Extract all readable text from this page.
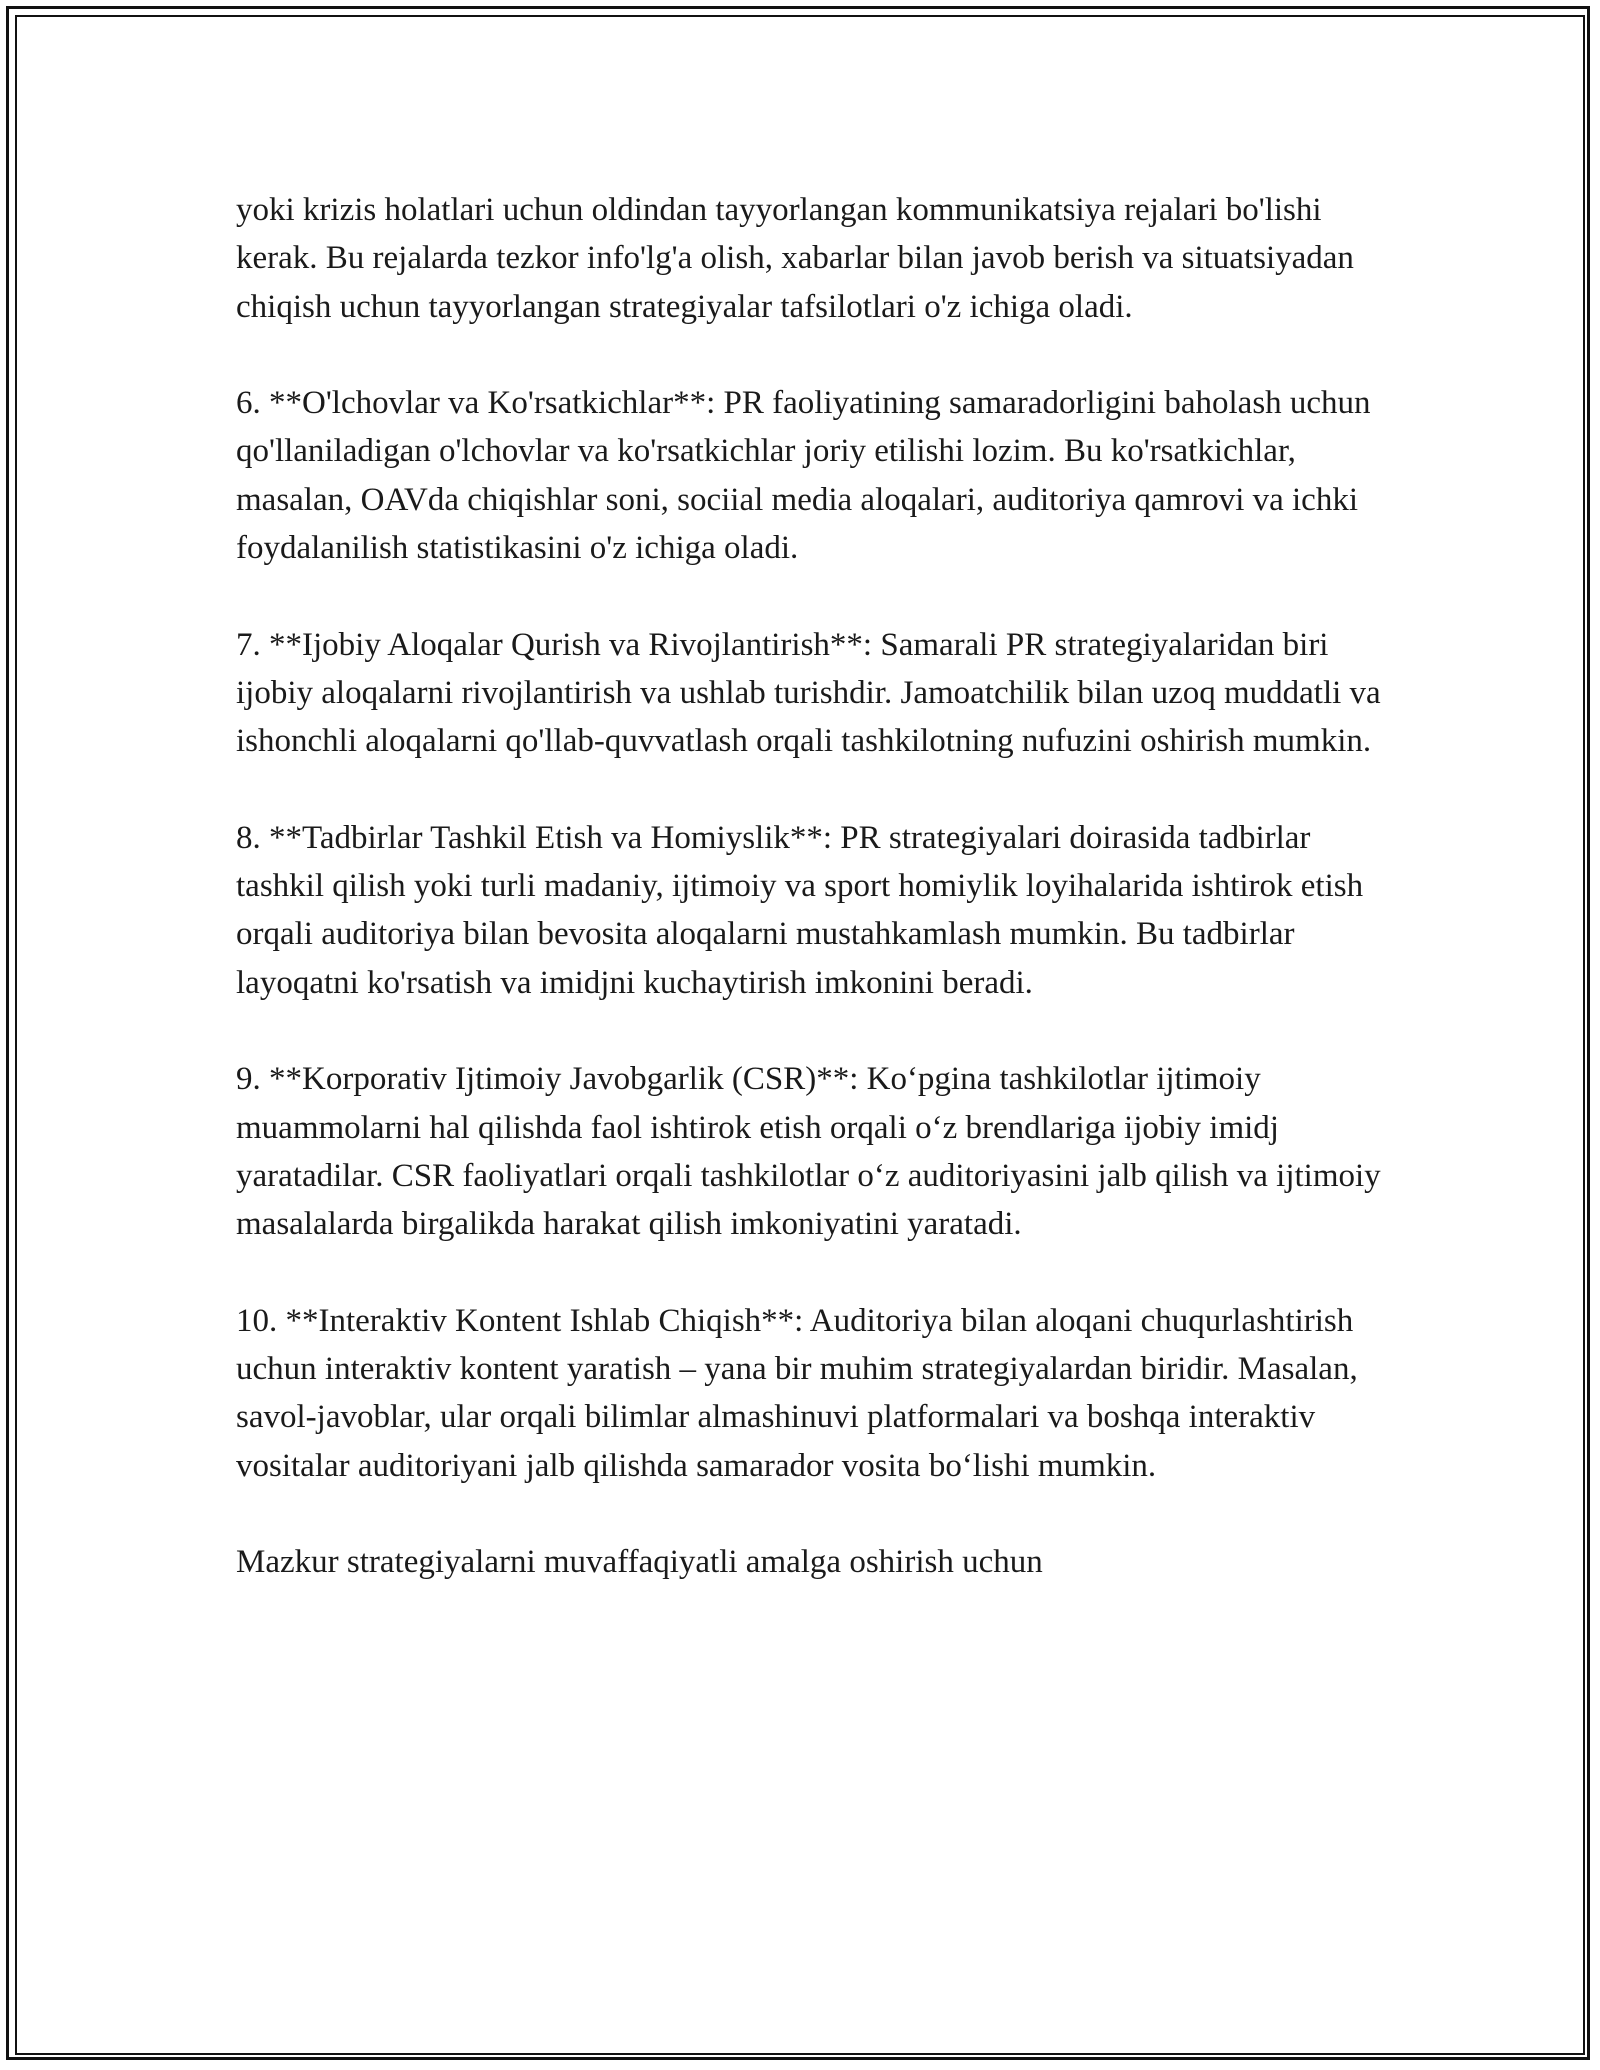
yoki krizis holatlari uchun oldindan tayyorlangan kommunikatsiya rejalari bo'lishi kerak. Bu rejalarda tezkor info'lg'a olish, xabarlar bilan javob berish va situatsiyadan chiqish uchun tayyorlangan strategiyalar tafsilotlari o'z ichiga oladi.

6. **O'lchovlar va Ko'rsatkichlar**: PR faoliyatining samaradorligini baholash uchun qo'llaniladigan o'lchovlar va ko'rsatkichlar joriy etilishi lozim. Bu ko'rsatkichlar, masalan, OAVda chiqishlar soni, sociial media aloqalari, auditoriya qamrovi va ichki foydalanilish statistikasini o'z ichiga oladi.

7. **Ijobiy Aloqalar Qurish va Rivojlantirish**: Samarali PR strategiyalaridan biri ijobiy aloqalarni rivojlantirish va ushlab turishdir. Jamoatchilik bilan uzoq muddatli va ishonchli aloqalarni qo'llab-quvvatlash orqali tashkilotning nufuzini oshirish mumkin.

8. **Tadbirlar Tashkil Etish va Homiyslik**: PR strategiyalari doirasida tadbirlar tashkil qilish yoki turli madaniy, ijtimoiy va sport homiylik loyihalarida ishtirok etish orqali auditoriya bilan bevosita aloqalarni mustahkamlash mumkin. Bu tadbirlar layoqatni ko'rsatish va imidjni kuchaytirish imkonini beradi.

9. **Korporativ Ijtimoiy Javobgarlik (CSR)**: Ko‘pgina tashkilotlar ijtimoiy muammolarni hal qilishda faol ishtirok etish orqali o‘z brendlariga ijobiy imidj yaratadilar. CSR faoliyatlari orqali tashkilotlar o‘z auditoriyasini jalb qilish va ijtimoiy masalalarda birgalikda harakat qilish imkoniyatini yaratadi.

10. **Interaktiv Kontent Ishlab Chiqish**: Auditoriya bilan aloqani chuqurlashtirish uchun interaktiv kontent yaratish – yana bir muhim strategiyalardan biridir. Masalan, savol-javoblar, ular orqali bilimlar almashinuvi platformalari va boshqa interaktiv vositalar auditoriyani jalb qilishda samarador vosita bo‘lishi mumkin.

Mazkur strategiyalarni muvaffaqiyatli amalga oshirish uchun
